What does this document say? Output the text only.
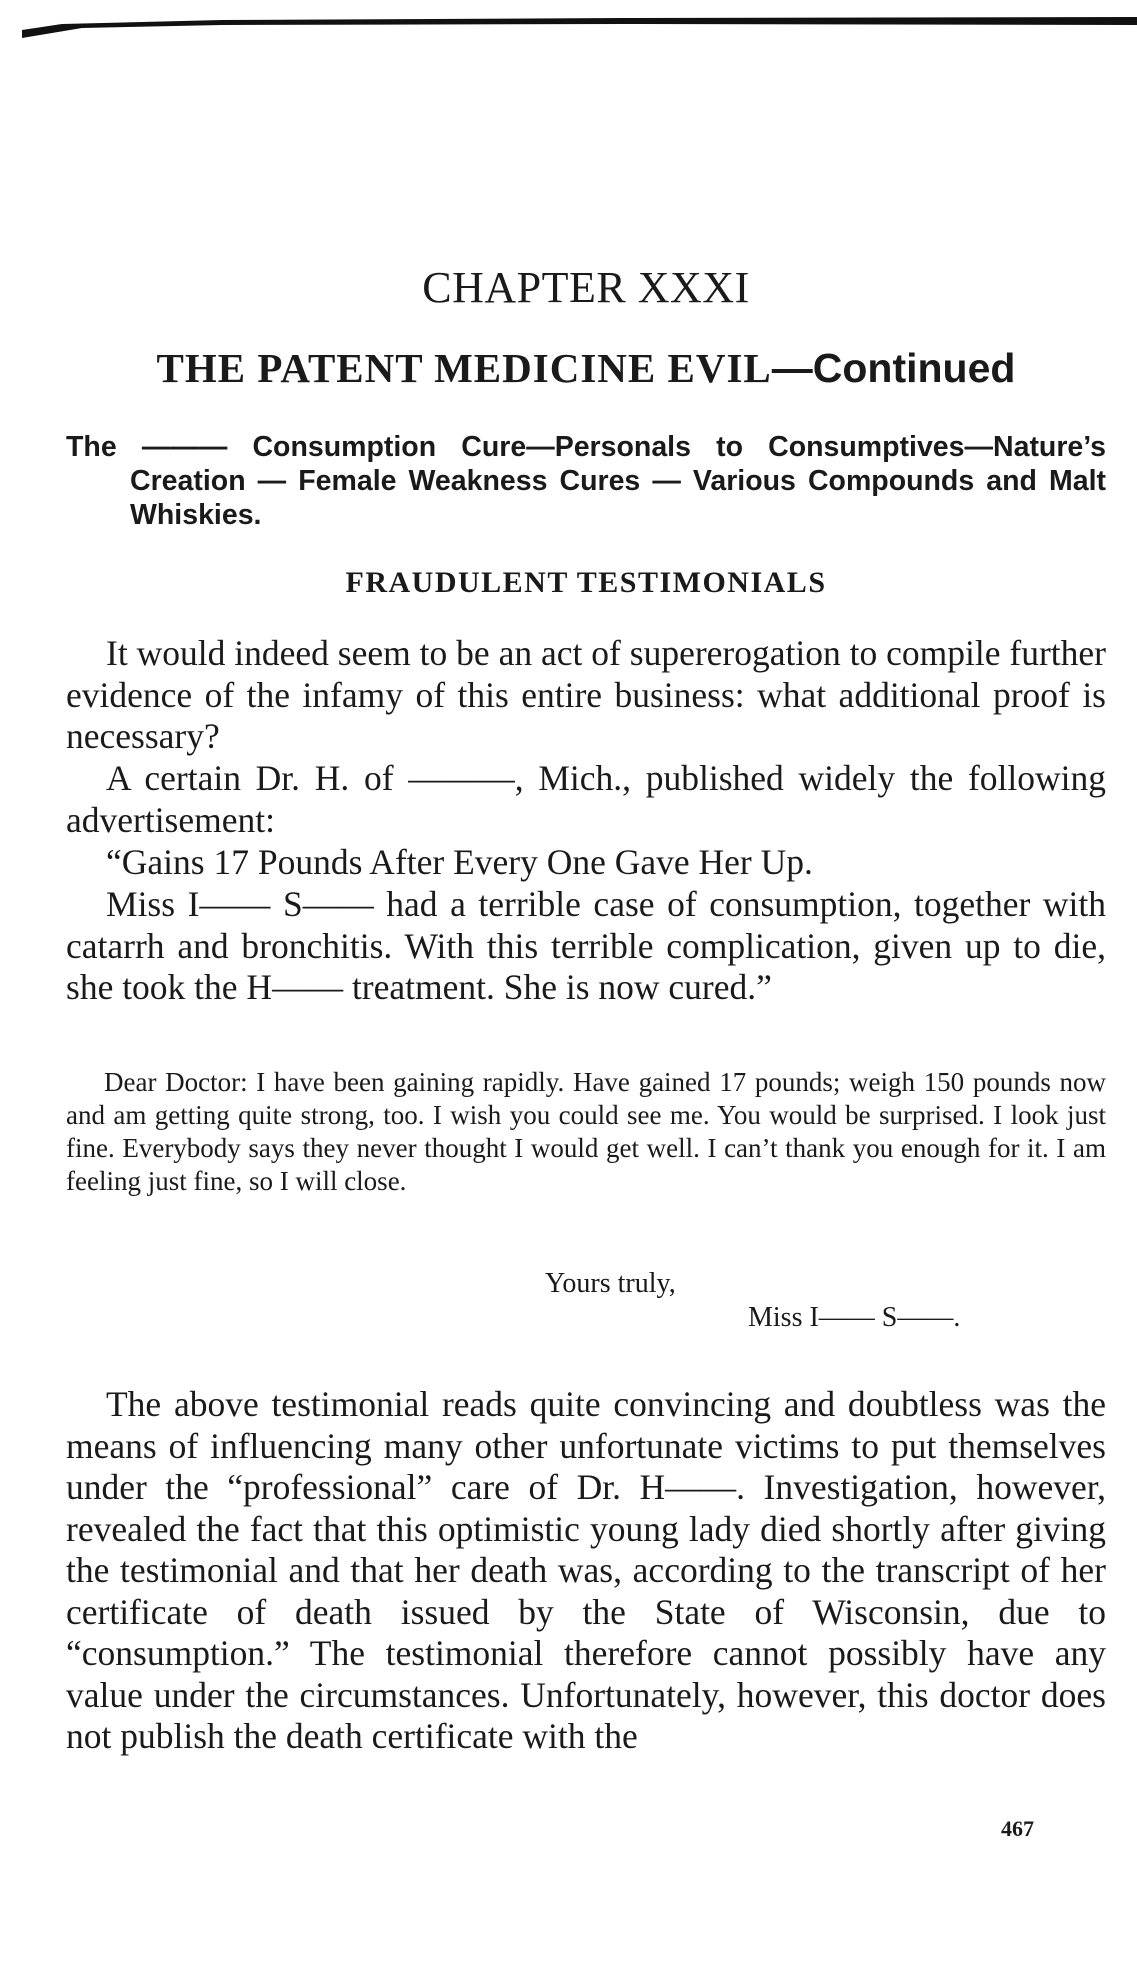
CHAPTER XXXI
THE PATENT MEDICINE EVIL—Continued

The ——— Consumption Cure—Personals to Consumptives—Nature’s Creation — Female Weakness Cures — Various Compounds and Malt Whiskies.

FRAUDULENT TESTIMONIALS

It would indeed seem to be an act of supererogation to compile further evidence of the infamy of this entire business: what additional proof is necessary?

A certain Dr. H. of ———, Mich., published widely the following advertisement:

“Gains 17 Pounds After Every One Gave Her Up.

Miss I—— S—— had a terrible case of consumption, together with catarrh and bronchitis. With this terrible complication, given up to die, she took the H—— treatment. She is now cured.”

Dear Doctor: I have been gaining rapidly. Have gained 17 pounds; weigh 150 pounds now and am getting quite strong, too. I wish you could see me. You would be surprised. I look just fine. Everybody says they never thought I would get well. I can’t thank you enough for it. I am feeling just fine, so I will close.

Yours truly,

Miss I—— S——.

The above testimonial reads quite convincing and doubtless was the means of influencing many other unfortunate victims to put themselves under the “professional” care of Dr. H——. Investigation, however, revealed the fact that this optimistic young lady died shortly after giving the testimonial and that her death was, according to the transcript of her certificate of death issued by the State of Wisconsin, due to “consumption.” The testimonial therefore cannot possibly have any value under the circumstances. Unfortunately, however, this doctor does not publish the death certificate with the

467
